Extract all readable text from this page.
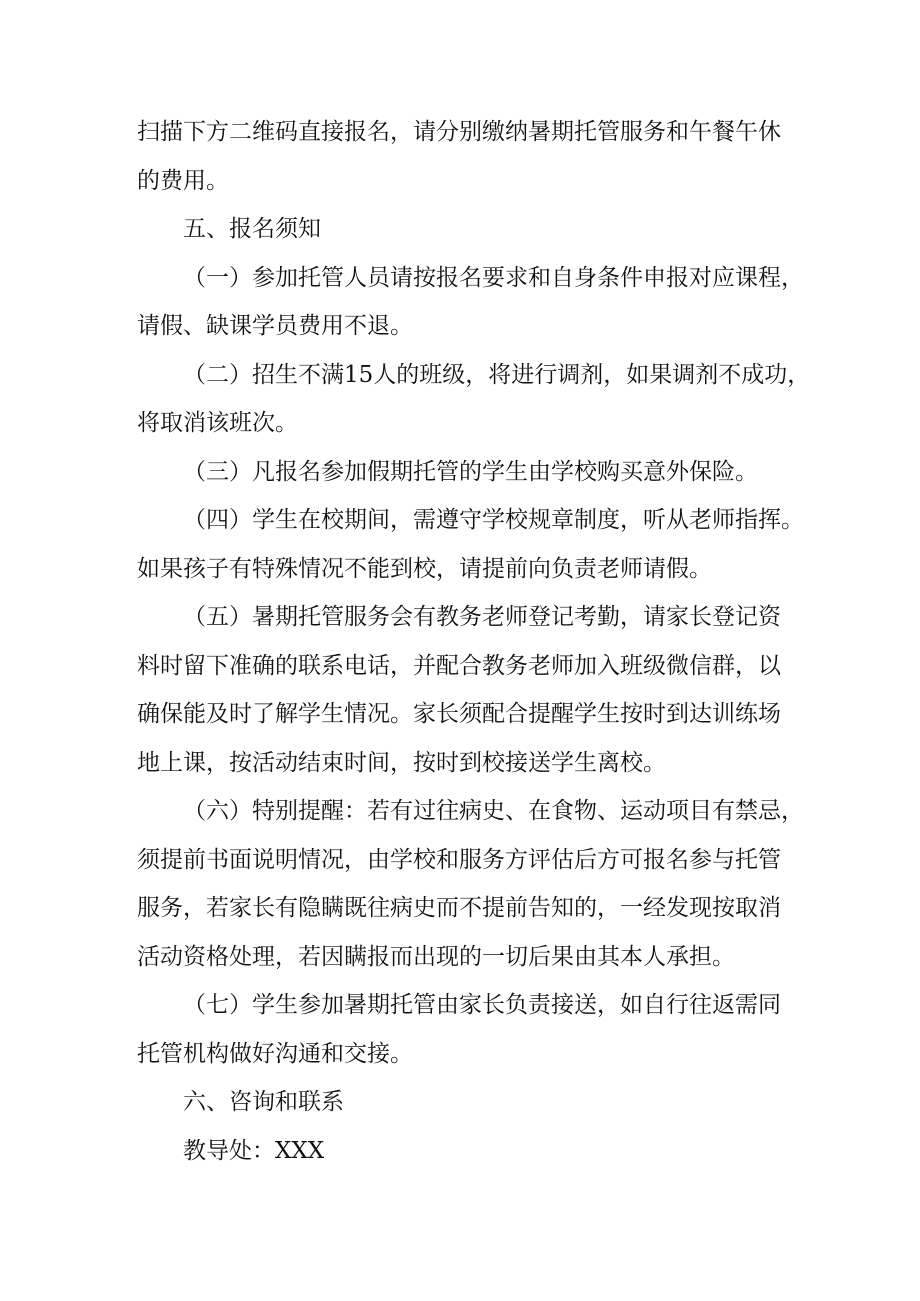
扫描下方二维码直接报名，请分别缴纳暑期托管服务和午餐午休
的费用。
五、报名须知
（一）参加托管人员请按报名要求和自身条件申报对应课程，
请假、缺课学员费用不退。
（二）招生不满15人的班级，将进行调剂，如果调剂不成功，
将取消该班次。
（三）凡报名参加假期托管的学生由学校购买意外保险。
（四）学生在校期间，需遵守学校规章制度，听从老师指挥。
如果孩子有特殊情况不能到校，请提前向负责老师请假。
（五）暑期托管服务会有教务老师登记考勤，请家长登记资
料时留下准确的联系电话，并配合教务老师加入班级微信群，以
确保能及时了解学生情况。家长须配合提醒学生按时到达训练场
地上课，按活动结束时间，按时到校接送学生离校。
（六）特别提醒：若有过往病史、在食物、运动项目有禁忌，
须提前书面说明情况，由学校和服务方评估后方可报名参与托管
服务，若家长有隐瞒既往病史而不提前告知的，一经发现按取消
活动资格处理，若因瞒报而出现的一切后果由其本人承担。
（七）学生参加暑期托管由家长负责接送，如自行往返需同
托管机构做好沟通和交接。
六、咨询和联系
教导处：XXX
